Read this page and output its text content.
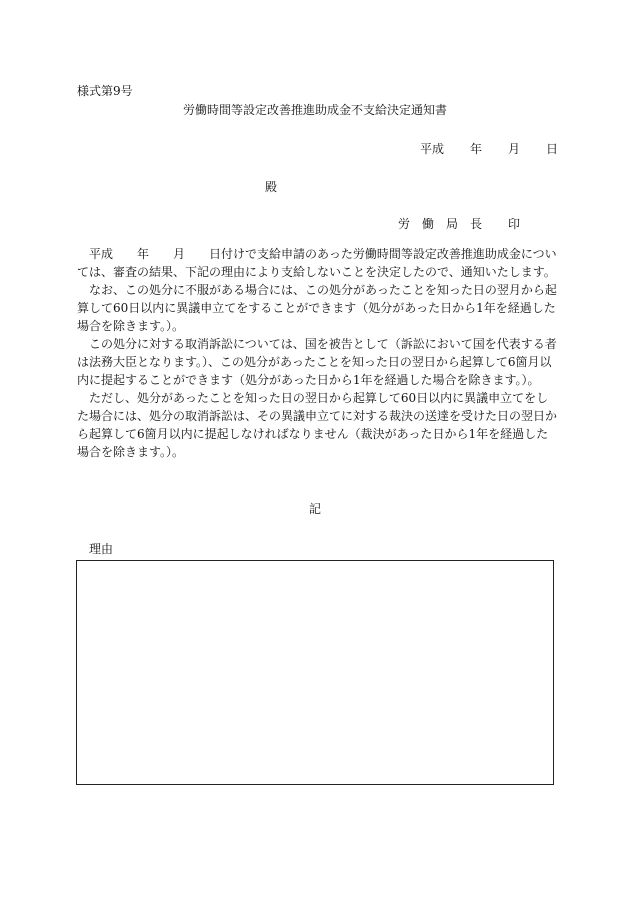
様式第9号
労働時間等設定改善推進助成金不支給決定通知書
平成 年 月 日
殿
労　働　局　長 印

平成　　年　　月　　日付けで支給申請のあった労働時間等設定改善推進助成金については、審査の結果、下記の理由により支給しないことを決定したので、通知いたします。

なお、この処分に不服がある場合には、この処分があったことを知った日の翌月から起算して60日以内に異議申立てをすることができます（処分があった日から1年を経過した場合を除きます。）。

この処分に対する取消訴訟については、国を被告として（訴訟において国を代表する者は法務大臣となります。）、この処分があったことを知った日の翌日から起算して6箇月以内に提起することができます（処分があった日から1年を経過した場合を除きます。）。

ただし、処分があったことを知った日の翌日から起算して60日以内に異議申立てをした場合には、処分の取消訴訟は、その異議申立てに対する裁決の送達を受けた日の翌日から起算して6箇月以内に提起しなければなりません（裁決があった日から1年を経過した場合を除きます。）。

記
理由
